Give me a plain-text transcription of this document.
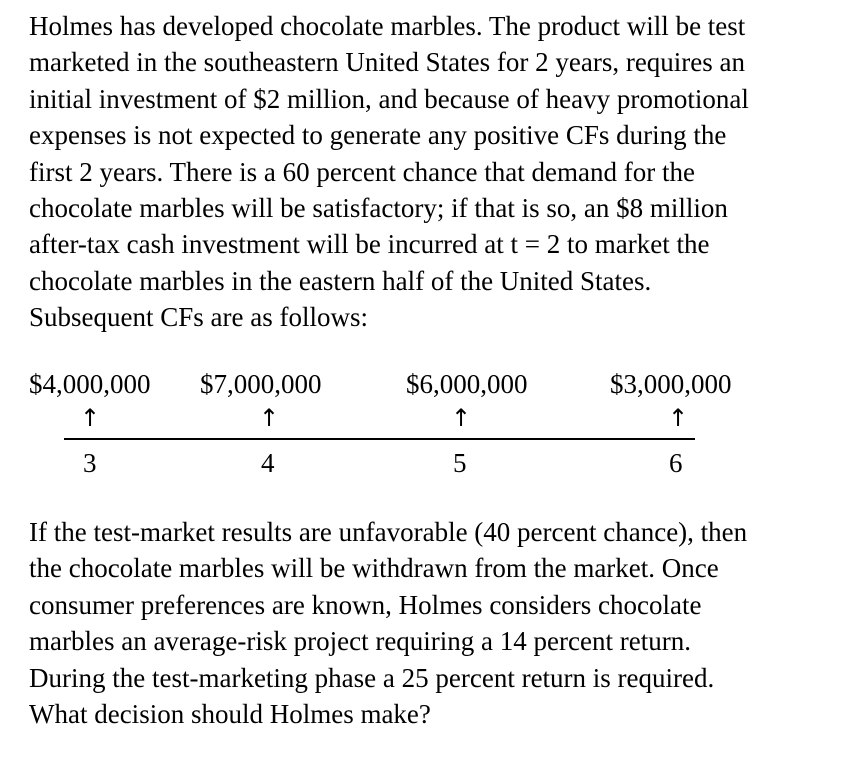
Holmes has developed chocolate marbles. The product will be test
marketed in the southeastern United States for 2 years, requires an
initial investment of $2 million, and because of heavy promotional
expenses is not expected to generate any positive CFs during the
first 2 years. There is a 60 percent chance that demand for the
chocolate marbles will be satisfactory; if that is so, an $8 million
after-tax cash investment will be incurred at t = 2 to market the
chocolate marbles in the eastern half of the United States.
Subsequent CFs are as follows:

$4,000,000 $7,000,000	$6,000,000	$3,000,000
↑	↑	↑	↑
3	4	5	6

If the test-market results are unfavorable (40 percent chance), then
the chocolate marbles will be withdrawn from the market. Once
consumer preferences are known, Holmes considers chocolate
marbles an average-risk project requiring a 14 percent return.
During the test-marketing phase a 25 percent return is required.
What decision should Holmes make?
